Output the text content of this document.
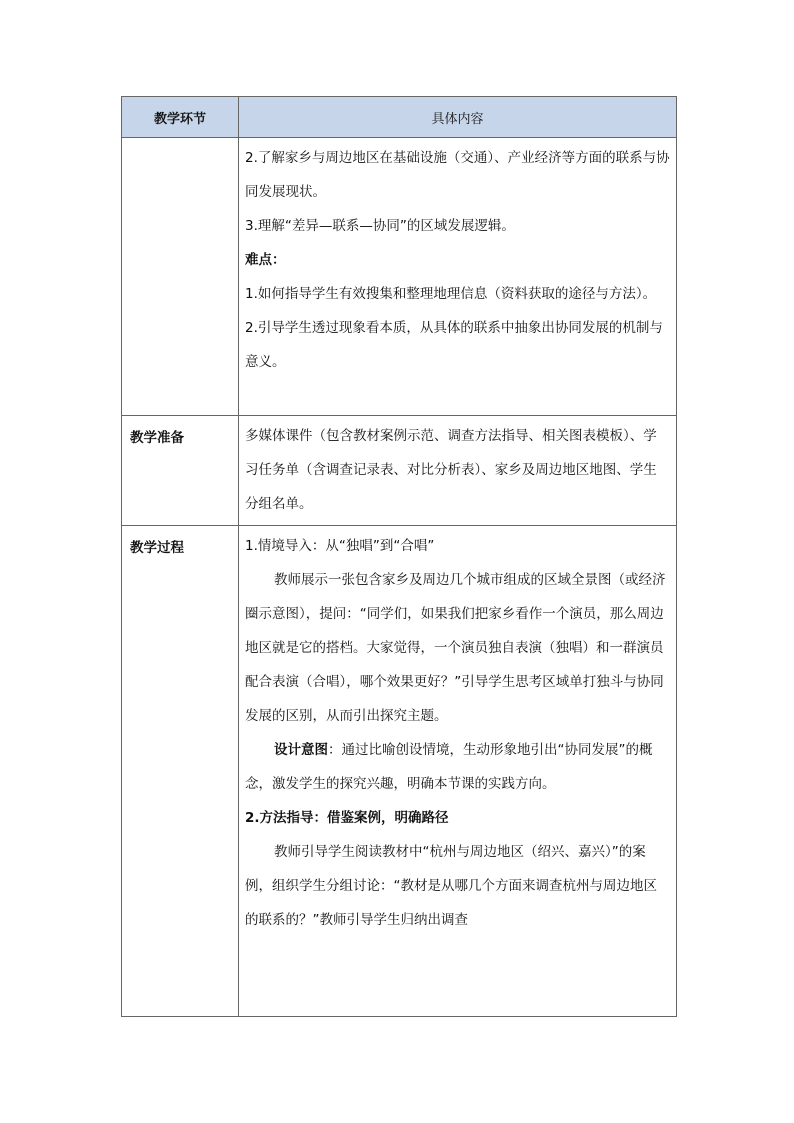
教学环节	具体内容

	2.了解家乡与周边地区在基础设施（交通）、产业经济等方面的联系与协同发展现状。

3.理解“差异—联系—协同”的区域发展逻辑。

难点：

1.如何指导学生有效搜集和整理地理信息（资料获取的途径与方法）。

2.引导学生透过现象看本质，从具体的联系中抽象出协同发展的机制与意义。

教学准备	多媒体课件（包含教材案例示范、调查方法指导、相关图表模板）、学习任务单（含调查记录表、对比分析表）、家乡及周边地区地图、学生分组名单。

教学过程	1.情境导入：从“独唱”到“合唱”

教师展示一张包含家乡及周边几个城市组成的区域全景图（或经济圈示意图），提问：“同学们，如果我们把家乡看作一个演员，那么周边地区就是它的搭档。大家觉得，一个演员独自表演（独唱）和一群演员配合表演（合唱），哪个效果更好？”引导学生思考区域单打独斗与协同发展的区别，从而引出探究主题。

设计意图：通过比喻创设情境，生动形象地引出“协同发展”的概念，激发学生的探究兴趣，明确本节课的实践方向。

2.方法指导：借鉴案例，明确路径

教师引导学生阅读教材中“杭州与周边地区（绍兴、嘉兴）”的案例，组织学生分组讨论：“教材是从哪几个方面来调查杭州与周边地区的联系的？”教师引导学生归纳出调查
